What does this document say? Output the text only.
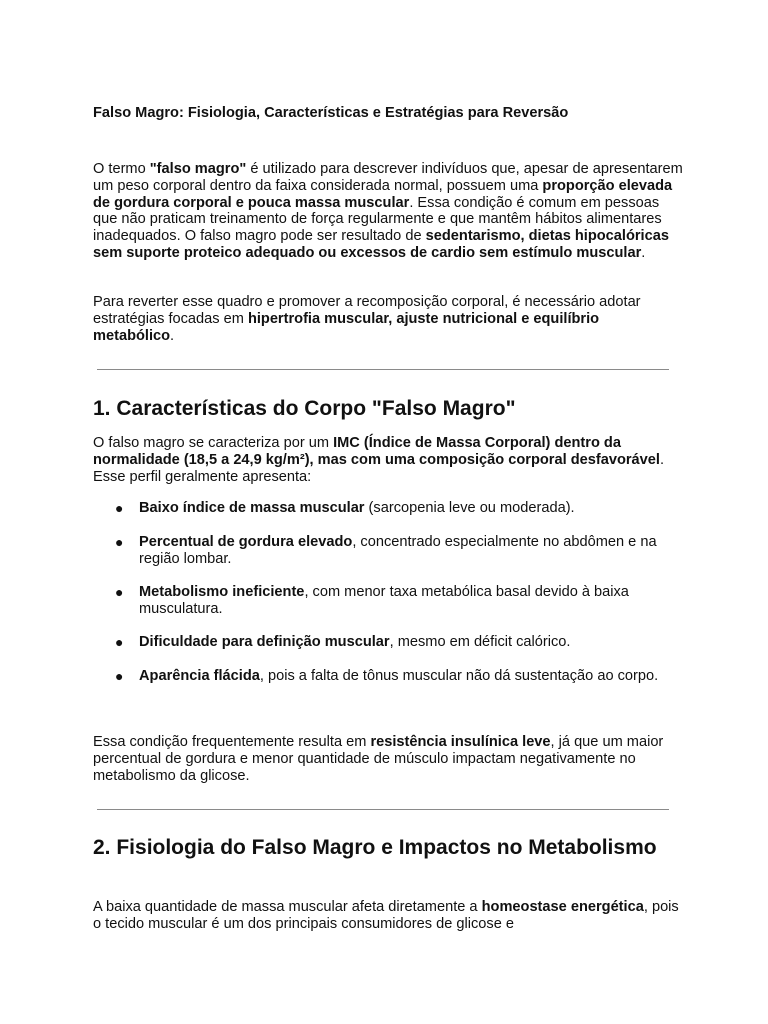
Falso Magro: Fisiologia, Características e Estratégias para Reversão

O termo "falso magro" é utilizado para descrever indivíduos que, apesar de apresentarem um peso corporal dentro da faixa considerada normal, possuem uma proporção elevada de gordura corporal e pouca massa muscular. Essa condição é comum em pessoas que não praticam treinamento de força regularmente e que mantêm hábitos alimentares inadequados. O falso magro pode ser resultado de sedentarismo, dietas hipocalóricas sem suporte proteico adequado ou excessos de cardio sem estímulo muscular.

Para reverter esse quadro e promover a recomposição corporal, é necessário adotar estratégias focadas em hipertrofia muscular, ajuste nutricional e equilíbrio metabólico.

1. Características do Corpo "Falso Magro"

O falso magro se caracteriza por um IMC (Índice de Massa Corporal) dentro da normalidade (18,5 a 24,9 kg/m²), mas com uma composição corporal desfavorável. Esse perfil geralmente apresenta:

● Baixo índice de massa muscular (sarcopenia leve ou moderada).
● Percentual de gordura elevado, concentrado especialmente no abdômen e na região lombar.
● Metabolismo ineficiente, com menor taxa metabólica basal devido à baixa musculatura.
● Dificuldade para definição muscular, mesmo em déficit calórico.
● Aparência flácida, pois a falta de tônus muscular não dá sustentação ao corpo.

Essa condição frequentemente resulta em resistência insulínica leve, já que um maior percentual de gordura e menor quantidade de músculo impactam negativamente no metabolismo da glicose.

2. Fisiologia do Falso Magro e Impactos no Metabolismo

A baixa quantidade de massa muscular afeta diretamente a homeostase energética, pois o tecido muscular é um dos principais consumidores de glicose e
